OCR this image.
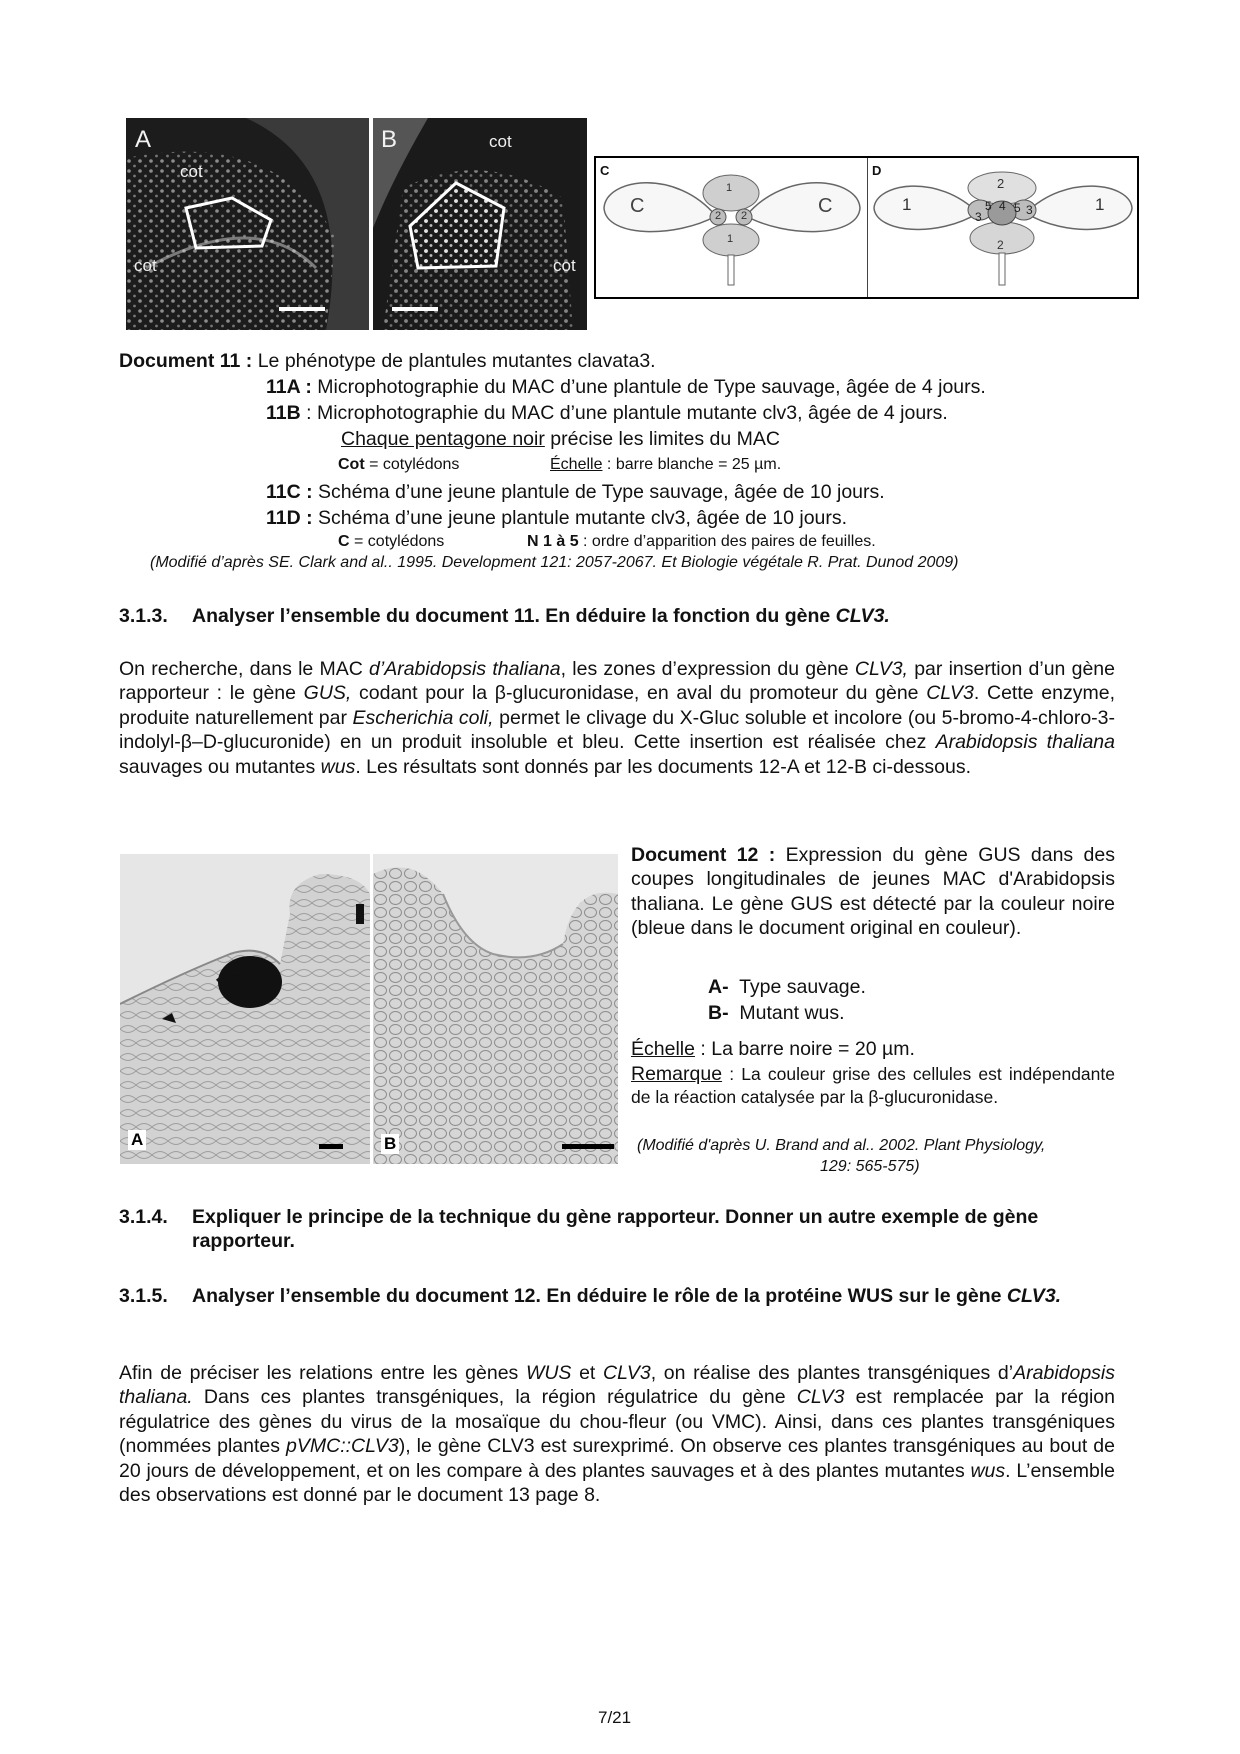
A
cot
cot
B	cot
cot
C
C	C
1
2 2
1
D
1	1
2
3	3
5 5
4
2
Document 11 : Le phénotype de plantules mutantes clavata3.
11A : Microphotographie du MAC d’une plantule de Type sauvage, âgée de 4 jours.
11B : Microphotographie du MAC d’une plantule mutante clv3, âgée de 4 jours.
Chaque pentagone noir précise les limites du MAC
Cot = cotylédons	Échelle : barre blanche = 25 µm.
11C : Schéma d’une jeune plantule de Type sauvage, âgée de 10 jours.
11D : Schéma d’une jeune plantule mutante clv3, âgée de 10 jours.
C = cotylédons	N 1 à 5 : ordre d’apparition des paires de feuilles.
(Modifié d’après SE. Clark and al.. 1995. Development 121: 2057-2067. Et Biologie végétale R. Prat. Dunod 2009)
3.1.3. Analyser l’ensemble du document 11. En déduire la fonction du gène CLV3.
On recherche, dans le MAC d’Arabidopsis thaliana, les zones d’expression du gène CLV3, par insertion d’un gène rapporteur : le gène GUS, codant pour la β-glucuronidase, en aval du promoteur du gène CLV3. Cette enzyme, produite naturellement par Escherichia coli, permet le clivage du X-Gluc soluble et incolore (ou 5-bromo-4-chloro-3-indolyl-β–D-glucuronide) en un produit insoluble et bleu. Cette insertion est réalisée chez Arabidopsis thaliana sauvages ou mutantes wus. Les résultats sont donnés par les documents 12-A et 12-B ci-dessous.
A	B
Document 12 : Expression du gène GUS dans des coupes longitudinales de jeunes MAC d'Arabidopsis thaliana. Le gène GUS est détecté par la couleur noire (bleue dans le document original en couleur).
A- Type sauvage.
B- Mutant wus.
Échelle : La barre noire = 20 µm.
Remarque : La couleur grise des cellules est indépendante de la réaction catalysée par la β-glucuronidase.
(Modifié d'après U. Brand and al.. 2002. Plant Physiology,
129: 565-575)
3.1.4. Expliquer le principe de la technique du gène rapporteur. Donner un autre exemple de gène rapporteur.
3.1.5. Analyser l’ensemble du document 12. En déduire le rôle de la protéine WUS sur le gène CLV3.
Afin de préciser les relations entre les gènes WUS et CLV3, on réalise des plantes transgéniques d’Arabidopsis thaliana. Dans ces plantes transgéniques, la région régulatrice du gène CLV3 est remplacée par la région régulatrice des gènes du virus de la mosaïque du chou-fleur (ou VMC). Ainsi, dans ces plantes transgéniques (nommées plantes pVMC::CLV3), le gène CLV3 est surexprimé. On observe ces plantes transgéniques au bout de 20 jours de développement, et on les compare à des plantes sauvages et à des plantes mutantes wus. L’ensemble des observations est donné par le document 13 page 8.
7/21
